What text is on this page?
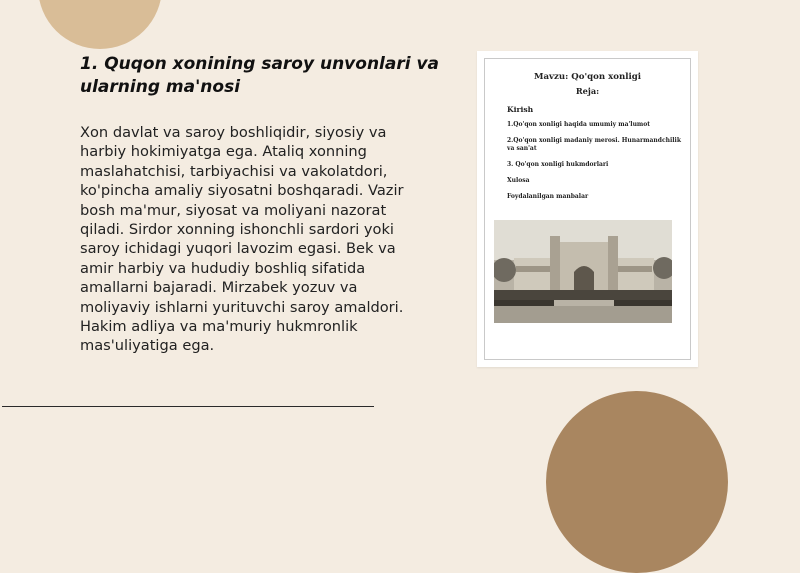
1. Quqon xonining saroy unvonlari va ularning ma'nosi

Xon davlat va saroy boshliqidir, siyosiy va harbiy hokimiyatga ega. Ataliq xonning maslahatchisi, tarbiyachisi va vakolatdori, ko'pincha amaliy siyosatni boshqaradi. Vazir bosh ma'mur, siyosat va moliyani nazorat qiladi. Sirdor xonning ishonchli sardori yoki saroy ichidagi yuqori lavozim egasi. Bek va amir harbiy va hududiy boshliq sifatida amallarni bajaradi. Mirzabek yozuv va moliyaviy ishlarni yurituvchi saroy amaldori. Hakim adliya va ma'muriy hukmronlik mas'uliyatiga ega.

Mavzu: Qo'qon xonligi
Reja:
Kirish
1.Qo'qon xonligi haqida umumiy ma'lumot
2.Qo'qon xonligi madaniy merosi. Hunarmandchilik va san'at
3. Qo'qon xonligi hukmdorlari
Xulosa
Foydalanilgan manbalar
